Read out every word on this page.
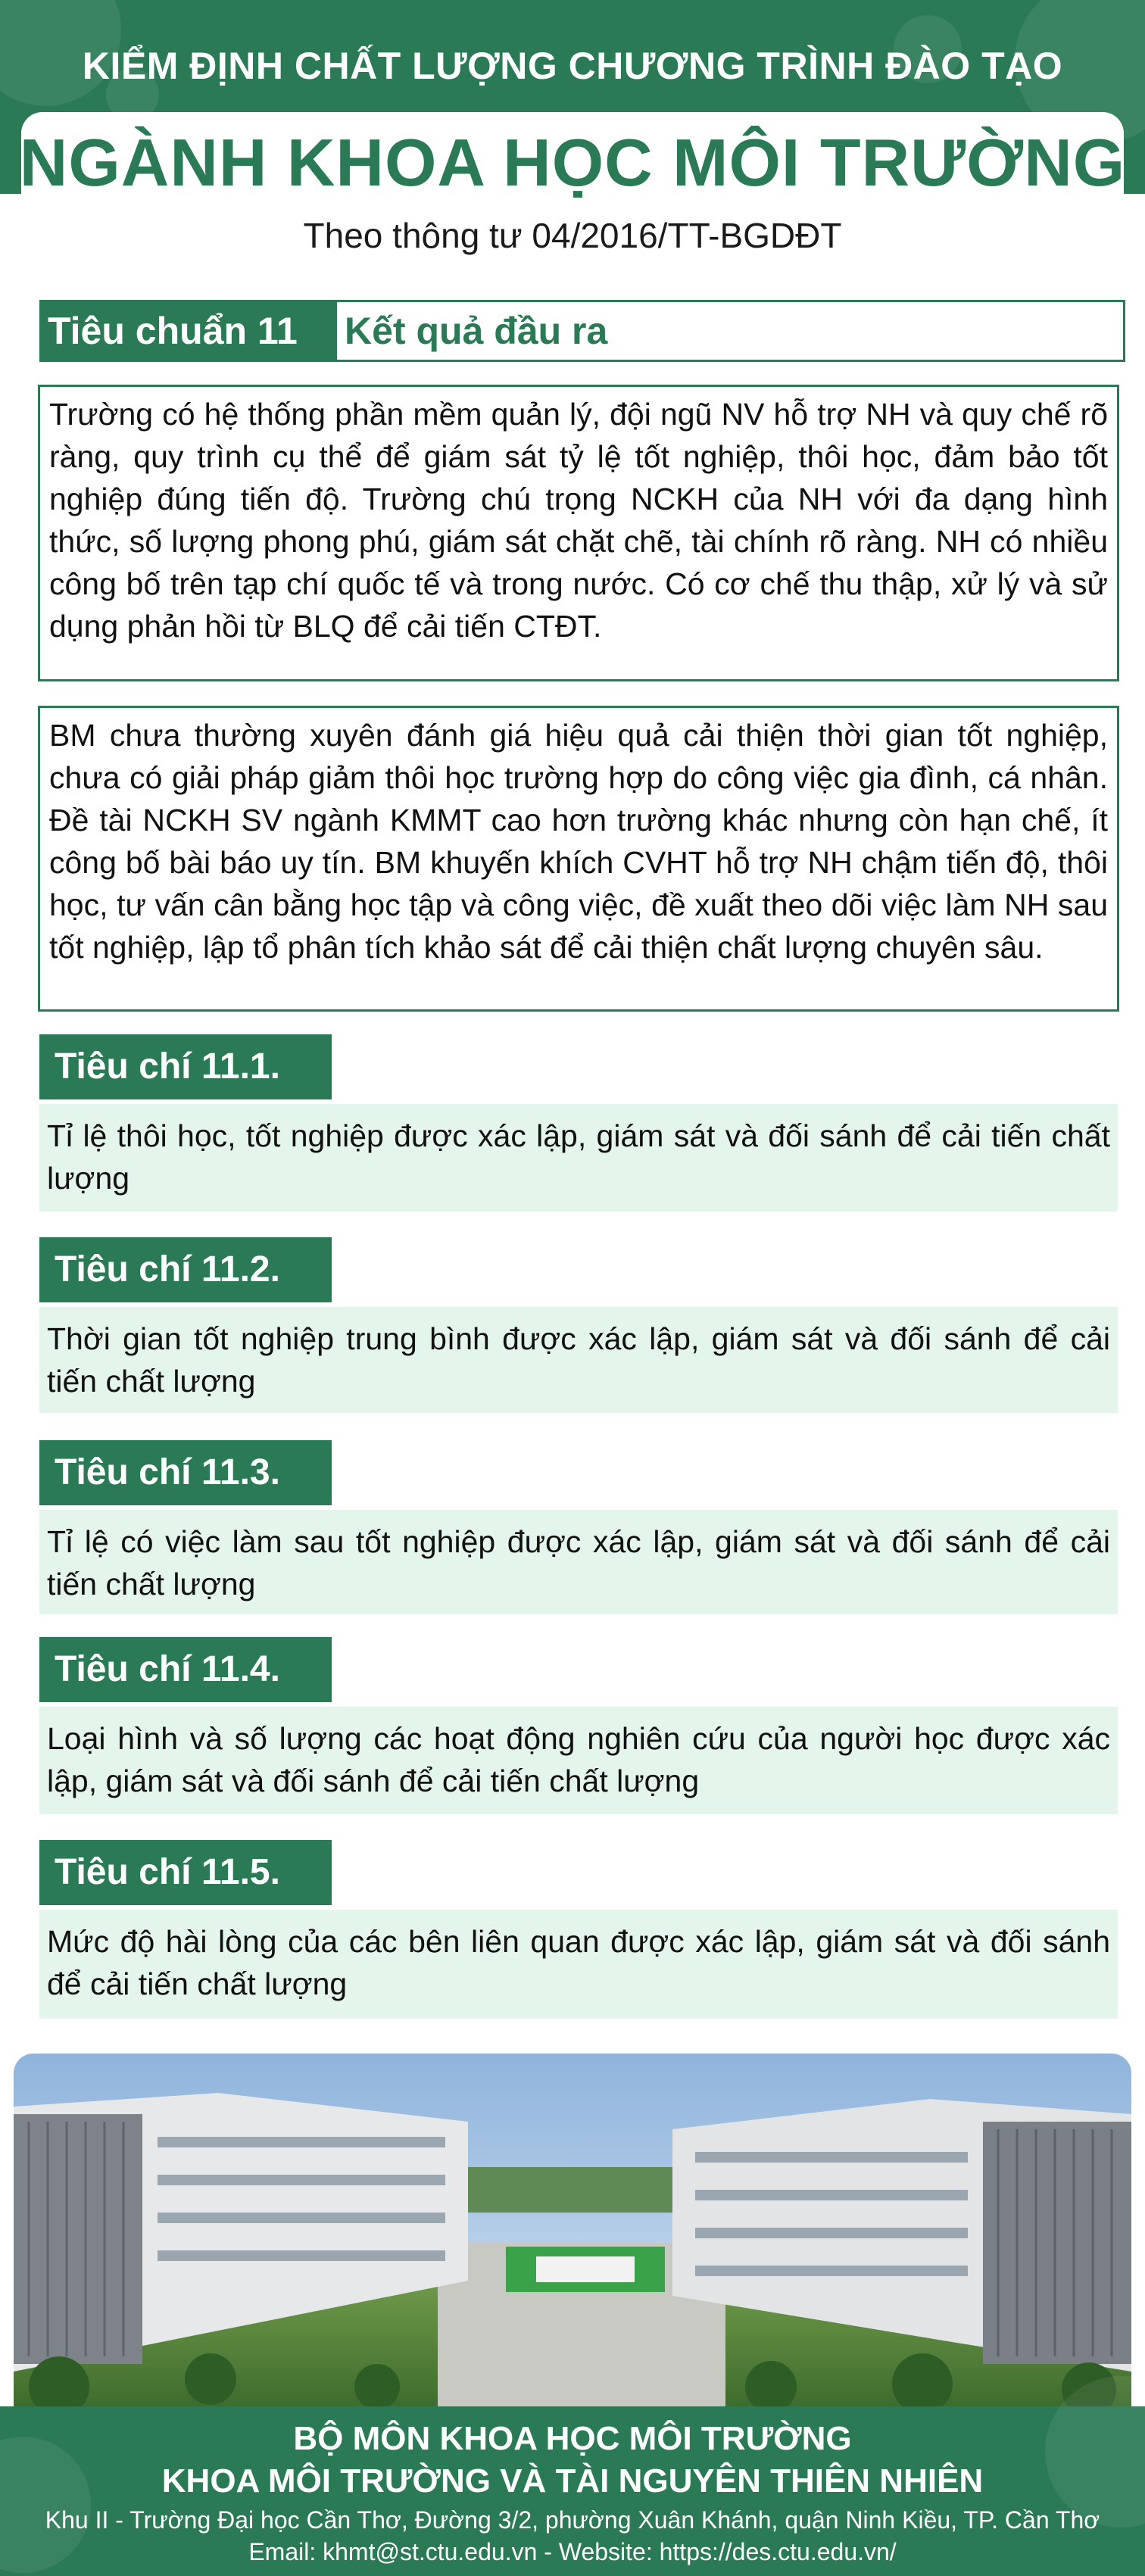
KIỂM ĐỊNH CHẤT LƯỢNG CHƯƠNG TRÌNH ĐÀO TẠO
NGÀNH KHOA HỌC MÔI TRƯỜNG
Theo thông tư 04/2016/TT-BGDĐT
Tiêu chuẩn 11	Kết quả đầu ra
Trường có hệ thống phần mềm quản lý, đội ngũ NV hỗ trợ NH và quy chế rõ ràng, quy trình cụ thể để giám sát tỷ lệ tốt nghiệp, thôi học, đảm bảo tốt nghiệp đúng tiến độ. Trường chú trọng NCKH của NH với đa dạng hình thức, số lượng phong phú, giám sát chặt chẽ, tài chính rõ ràng. NH có nhiều công bố trên tạp chí quốc tế và trong nước. Có cơ chế thu thập, xử lý và sử dụng phản hồi từ BLQ để cải tiến CTĐT.
BM chưa thường xuyên đánh giá hiệu quả cải thiện thời gian tốt nghiệp, chưa có giải pháp giảm thôi học trường hợp do công việc gia đình, cá nhân. Đề tài NCKH SV ngành KMMT cao hơn trường khác nhưng còn hạn chế, ít công bố bài báo uy tín. BM khuyến khích CVHT hỗ trợ NH chậm tiến độ, thôi học, tư vấn cân bằng học tập và công việc, đề xuất theo dõi việc làm NH sau tốt nghiệp, lập tổ phân tích khảo sát để cải thiện chất lượng chuyên sâu.
Tiêu chí 11.1.
Tỉ lệ thôi học, tốt nghiệp được xác lập, giám sát và đối sánh để cải tiến chất lượng
Tiêu chí 11.2.
Thời gian tốt nghiệp trung bình được xác lập, giám sát và đối sánh để cải tiến chất lượng
Tiêu chí 11.3.
Tỉ lệ có việc làm sau tốt nghiệp được xác lập, giám sát và đối sánh để cải tiến chất lượng
Tiêu chí 11.4.
Loại hình và số lượng các hoạt động nghiên cứu của người học được xác lập, giám sát và đối sánh để cải tiến chất lượng
Tiêu chí 11.5.
Mức độ hài lòng của các bên liên quan được xác lập, giám sát và đối sánh để cải tiến chất lượng
BỘ MÔN KHOA HỌC MÔI TRƯỜNG
KHOA MÔI TRƯỜNG VÀ TÀI NGUYÊN THIÊN NHIÊN
Khu II - Trường Đại học Cần Thơ, Đường 3/2, phường Xuân Khánh, quận Ninh Kiều, TP. Cần Thơ
Email: khmt@st.ctu.edu.vn - Website: https://des.ctu.edu.vn/
